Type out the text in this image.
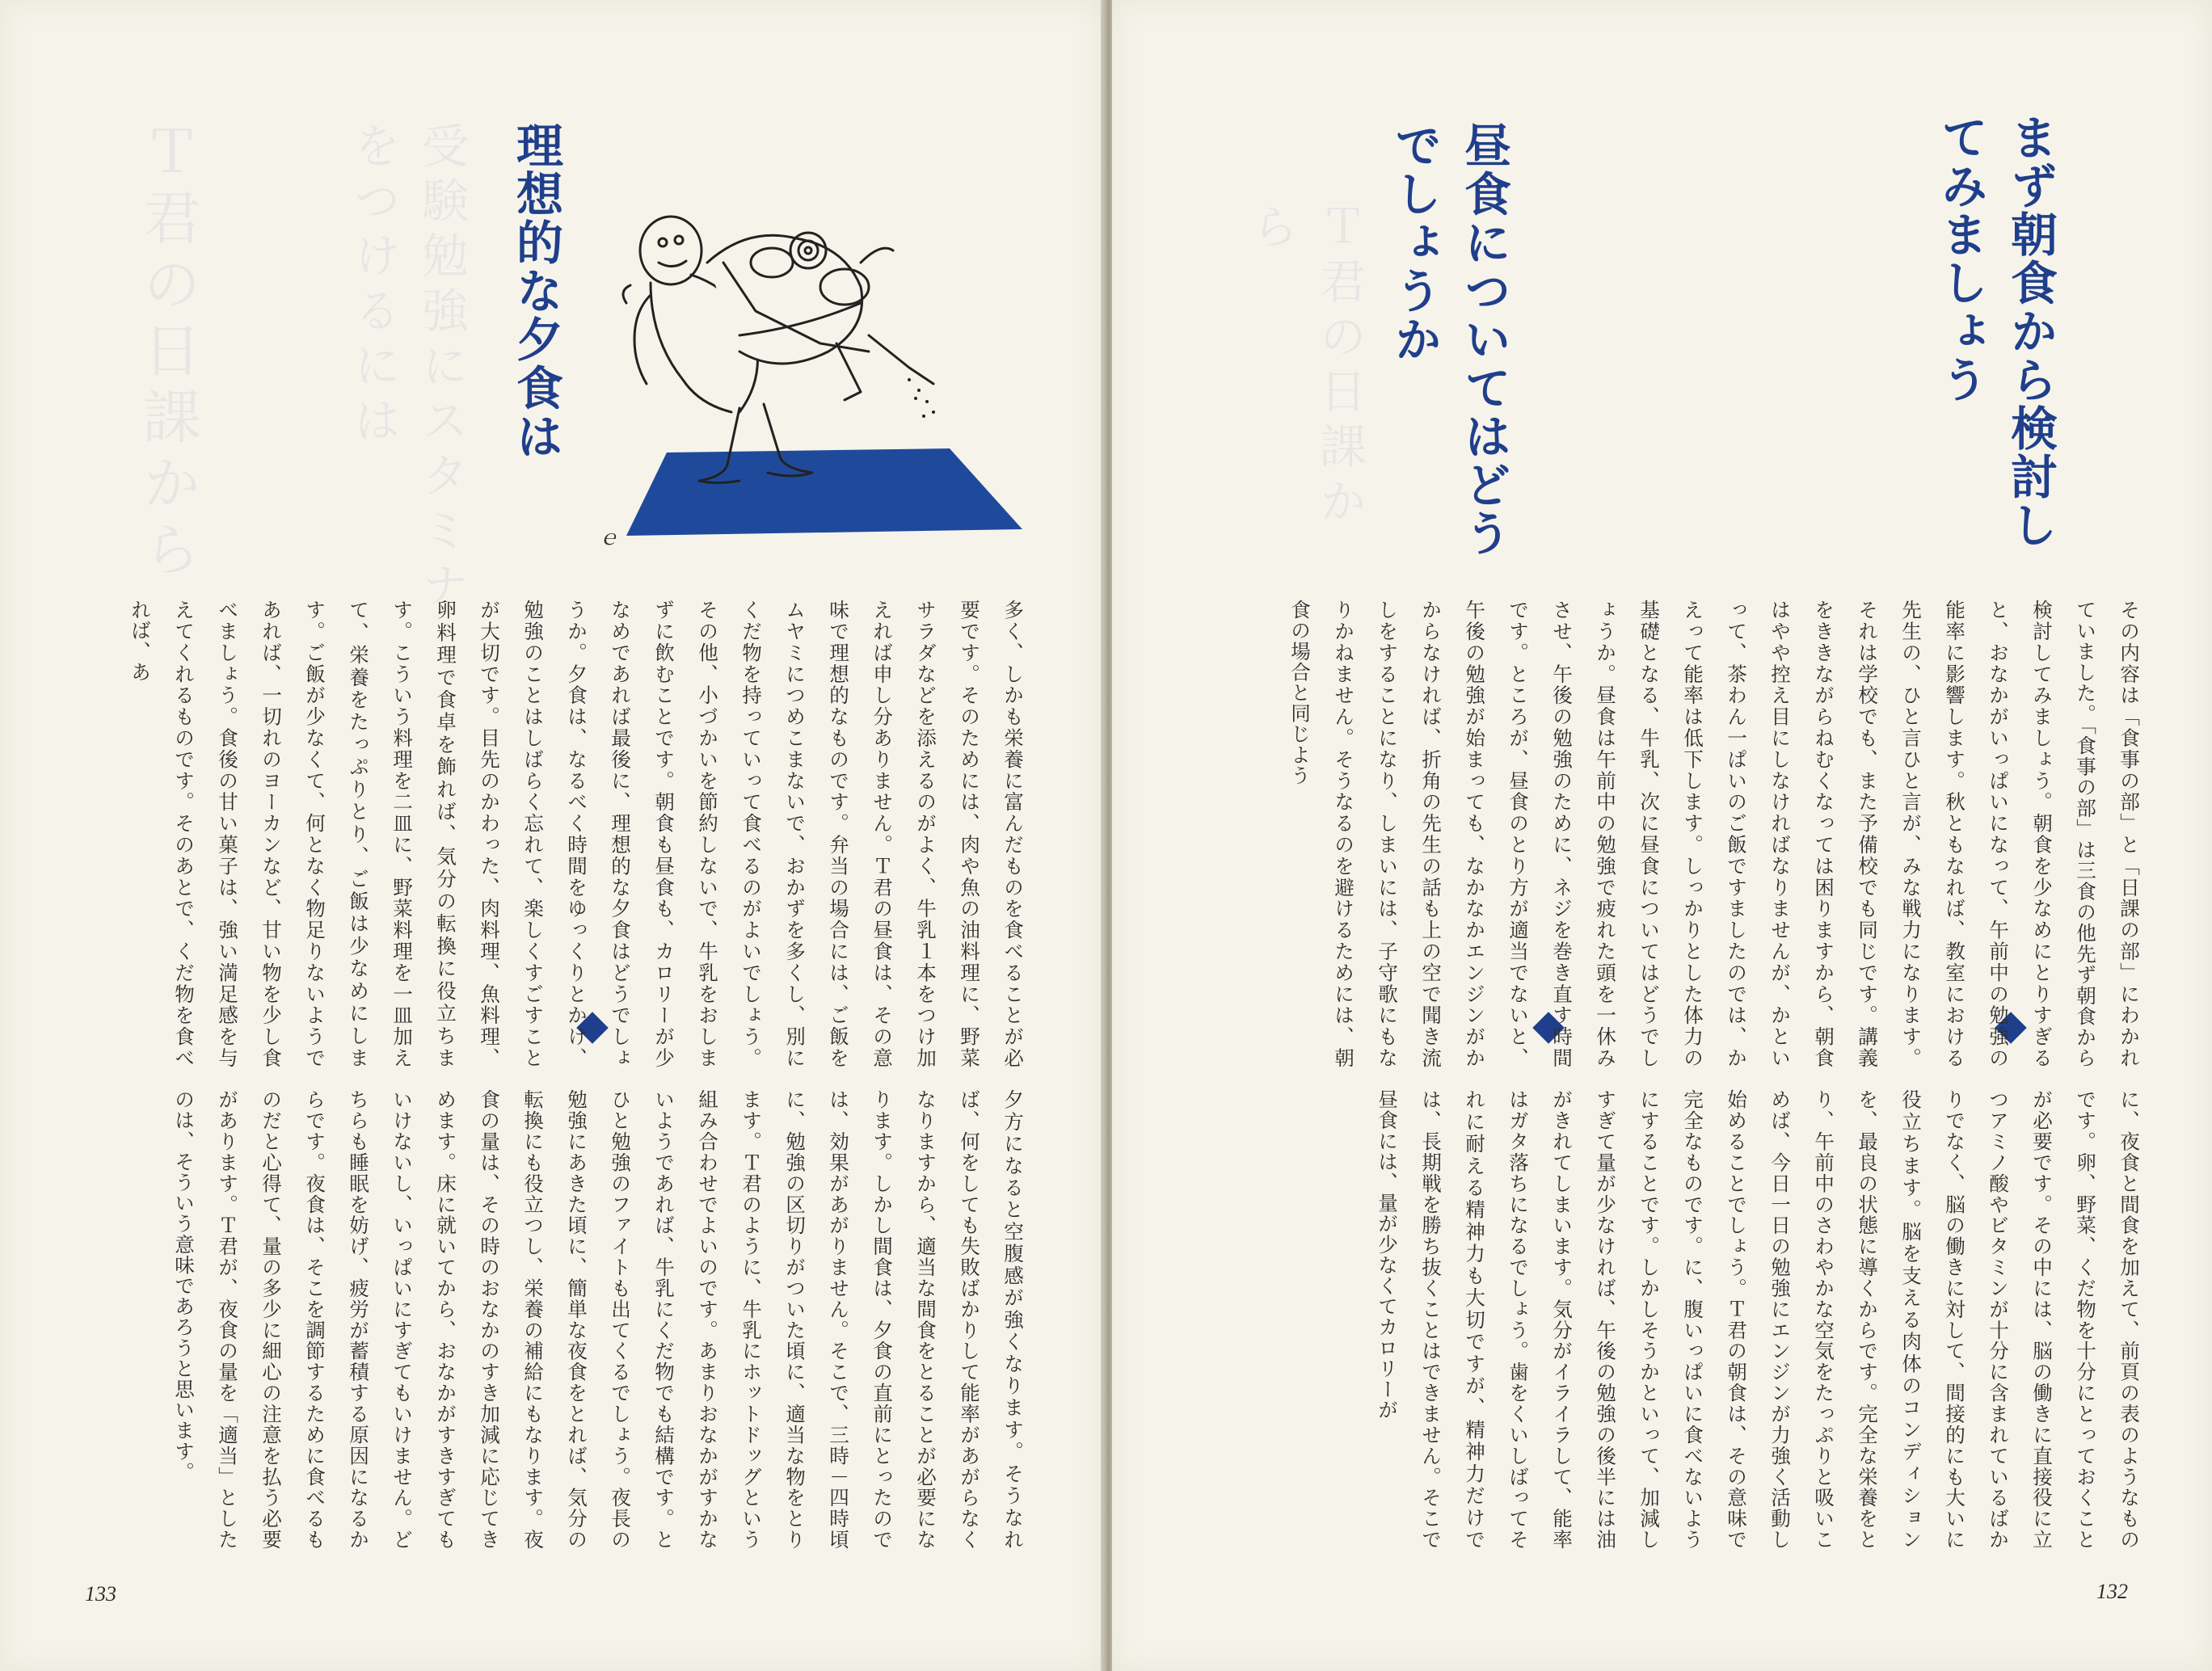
Ｔ君の日課から	受験勉強にスタミナをつけるには	理想的な夕食は
ｅ

多く、しかも栄養に富んだものを食べることが必要です。そのためには、肉や魚の油料理に、野菜サラダなどを添えるのがよく、牛乳１本をつけ加えれば申し分ありません。Ｔ君の昼食は、その意味で理想的なものです。弁当の場合には、ご飯をムヤミにつめこまないで、おかずを多くし、別にくだ物を持っていって食べるのがよいでしょう。その他、小づかいを節約しないで、牛乳をおしまずに飲むことです。朝食も昼食も、カロリーが少なめであれば最後に、理想的な夕食はどうでしょうか。夕食は、なるべく時間をゆっくりとかけ、勉強のことはしばらく忘れて、楽しくすごすことが大切です。目先のかわった、肉料理、魚料理、卵料理で食卓を飾れば、気分の転換に役立ちます。こういう料理を二皿に、野菜料理を一皿加えて、栄養をたっぷりとり、ご飯は少なめにします。ご飯が少なくて、何となく物足りないようであれば、一切れのヨーカンなど、甘い物を少し食べましょう。食後の甘い菓子は、強い満足感を与えてくれるものです。そのあとで、くだ物を食べれば、あ

夕方になると空腹感が強くなります。そうなれば、何をしても失敗ばかりして能率があがらなくなりますから、適当な間食をとることが必要になります。しかし間食は、夕食の直前にとったのでは、効果があがりません。そこで、三時－四時頃に、勉強の区切りがついた頃に、適当な物をとります。Ｔ君のように、牛乳にホットドッグという組み合わせでよいのです。あまりおなかがすかないようであれば、牛乳にくだ物でも結構です。とひと勉強のファイトも出てくるでしょう。夜長の勉強にあきた頃に、簡単な夜食をとれば、気分の転換にも役立つし、栄養の補給にもなります。夜食の量は、その時のおなかのすき加減に応じてきめます。床に就いてから、おなかがすきすぎてもいけないし、いっぱいにすぎてもいけません。どちらも睡眠を妨げ、疲労が蓄積する原因になるからです。夜食は、そこを調節するために食べるものだと心得て、量の多少に細心の注意を払う必要があります。Ｔ君が、夜食の量を「適当」としたのは、そういう意味であろうと思います。

133
Ｔ君の日課から	まず朝食から検討してみましょう
昼食についてはどうでしょうか

その内容は「食事の部」と「日課の部」にわかれていました。「食事の部」は三食の他先ず朝食から検討してみましょう。朝食を少なめにとりすぎると、おなかがいっぱいになって、午前中の勉強の能率に影響します。秋ともなれば、教室における先生の、ひと言ひと言が、みな戦力になります。それは学校でも、また予備校でも同じです。講義をききながらねむくなっては困りますから、朝食はやや控え目にしなければなりませんが、かといって、茶わん一ぱいのご飯ですましたのでは、かえって能率は低下します。しっかりとした体力の基礎となる、牛乳、次に昼食についてはどうでしょうか。昼食は午前中の勉強で疲れた頭を一休みさせ、午後の勉強のために、ネジを巻き直す時間です。ところが、昼食のとり方が適当でないと、午後の勉強が始まっても、なかなかエンジンがかからなければ、折角の先生の話も上の空で聞き流しをすることになり、しまいには、子守歌にもなりかねません。そうなるのを避けるためには、朝食の場合と同じよう

に、夜食と間食を加えて、前頁の表のようなものです。卵、野菜、くだ物を十分にとっておくことが必要です。その中には、脳の働きに直接役に立つアミノ酸やビタミンが十分に含まれているばかりでなく、脳の働きに対して、間接的にも大いに役立ちます。脳を支える肉体のコンディションを、最良の状態に導くからです。完全な栄養をとり、午前中のさわやかな空気をたっぷりと吸いこめば、今日一日の勉強にエンジンが力強く活動し始めることでしょう。Ｔ君の朝食は、その意味で完全なものです。に、腹いっぱいに食べないようにすることです。しかしそうかといって、加減しすぎて量が少なければ、午後の勉強の後半には油がきれてしまいます。気分がイライラして、能率はガタ落ちになるでしょう。歯をくいしばってそれに耐える精神力も大切ですが、精神力だけでは、長期戦を勝ち抜くことはできません。そこで昼食には、量が少なくてカロリーが

132
